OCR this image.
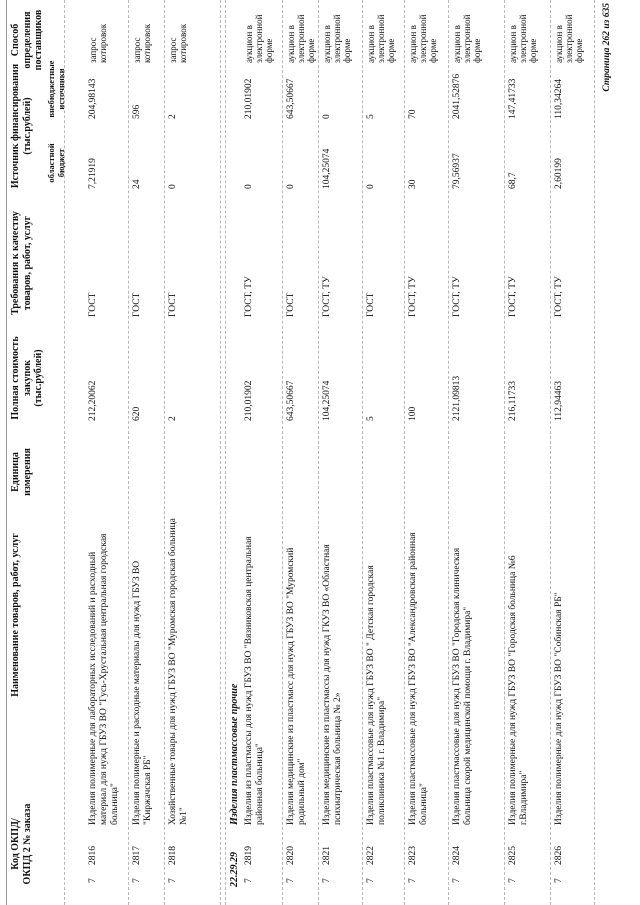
Код ОКПД/ ОКПД 2 № заказа
Наименование товаров, работ, услуг
Единица измерения
Полная стоимость закупок (тыс.рублей)
Требования к качеству товаров, работ, услуг
Источник финансирования (тыс.рублей)
областной бюджет
внебюджетные источники
Способ определения поставщиков
7
2816
Изделия полимерные для лабораторных исследований и расходный материал для нужд ГБУЗ ВО "Гусь-Хрустальная центральная городская больница"
212,20062
ГОСТ
7,21919
204,98143
запрос котировок
7
2817
Изделия полимерные и расходные материалы для нужд ГБУЗ ВО "Киржачская РБ"
620
ГОСТ
24
596
запрос котировок
7
2818
Хозяйственные товары для нужд ГБУЗ ВО "Муромская городская больница №1"
2
ГОСТ
0
2
запрос котировок
22.29.29
Изделия пластмассовые прочие
7
2819
Изделия из пластмассы для нужд ГБУЗ ВО "Вязниковская центральная районная больница"
210,01902
ГОСТ, ТУ
0
210,01902
аукцион в электронной форме
7
2820
Изделия медицинские из пластмасс для нужд ГБУЗ ВО "Муромский родильный дом"
643,50667
ГОСТ
0
643,50667
аукцион в электронной форме
7
2821
Изделия медицинские из пластмассы для нужд ГКУЗ ВО «Областная психиатрическая больница № 2»
104,25074
ГОСТ, ТУ
104,25074
0
аукцион в электронной форме
7
2822
Изделия пластмассовые для нужд ГБУЗ ВО " Детская городская поликлиника №1 г. Владимира"
5
ГОСТ
0
5
аукцион в электронной форме
7
2823
Изделия пластмассовые для нужд ГБУЗ ВО "Александровская районная больница"
100
ГОСТ, ТУ
30
70
аукцион в электронной форме
7
2824
Изделия пластмассовые для нужд ГБУЗ ВО "Городская клиническая больница скорой медицинской помощи г. Владимира"
2121,09813
ГОСТ, ТУ
79,56937
2041,52876
аукцион в электронной форме
7
2825
Изделия полимерные для нужд ГБУЗ ВО "Городская больница №6 г.Владимира"
216,11733
ГОСТ, ТУ
68,7
147,41733
аукцион в электронной форме
7
2826
Изделия полимерные для нужд ГБУЗ ВО "Собинская РБ"
112,94463
ГОСТ, ТУ
2,60199
110,34264
аукцион в электронной форме Страница 262 из 635
